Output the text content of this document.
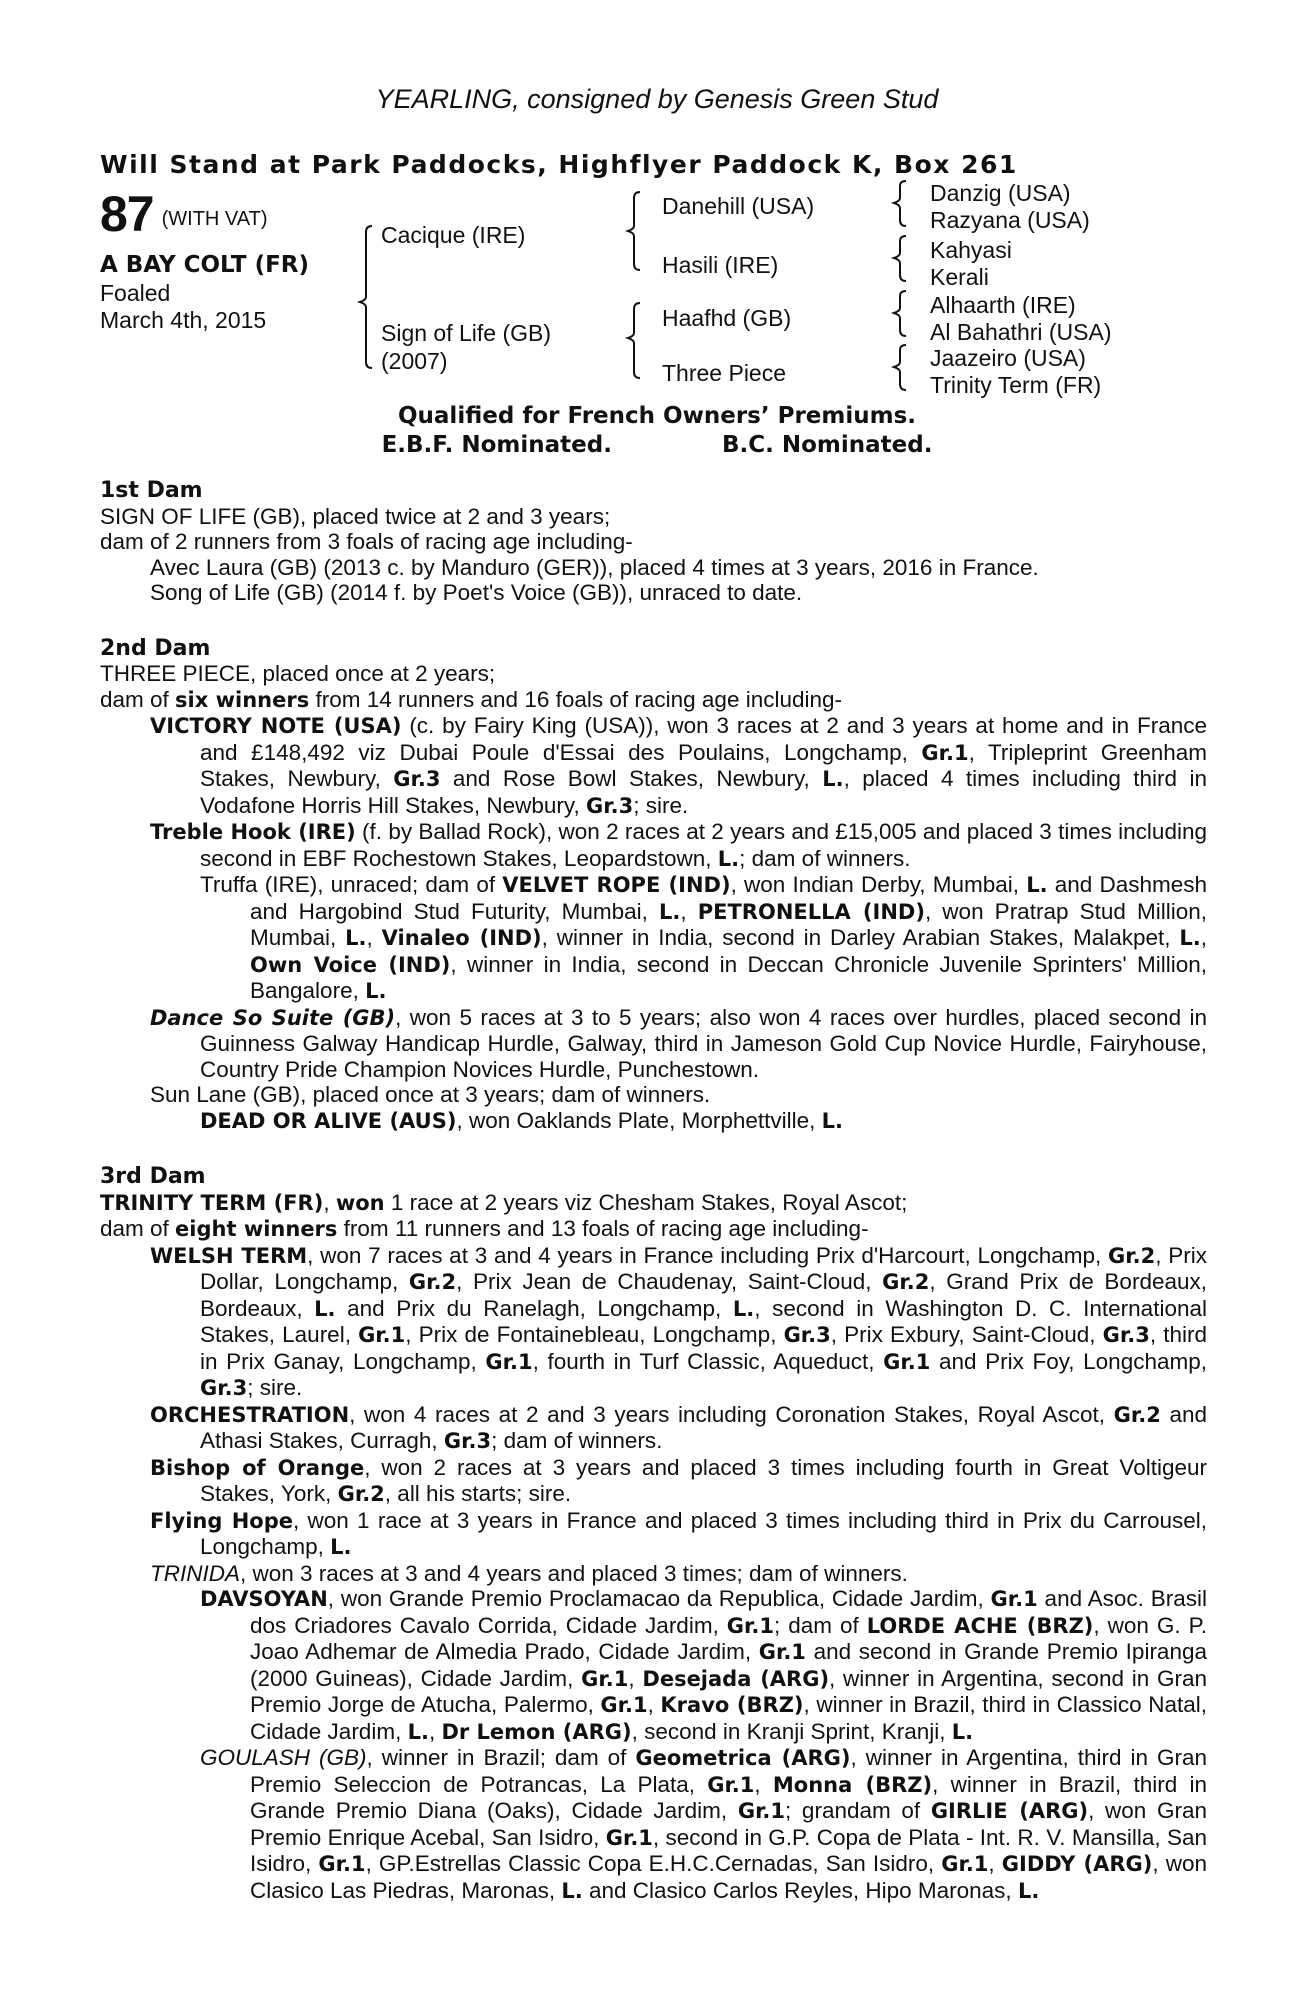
YEARLING, consigned by Genesis Green Stud
Will Stand at Park Paddocks, Highflyer Paddock K, Box 261
87 (WITH VAT)
A BAY COLT (FR)
Foaled
March 4th, 2015
Cacique (IRE)
Sign of Life (GB)
(2007)
Danehill (USA)
Hasili (IRE)
Haafhd (GB)
Three Piece
Danzig (USA)
Razyana (USA)
Kahyasi
Kerali
Alhaarth (IRE)
Al Bahathri (USA)
Jaazeiro (USA)
Trinity Term (FR)
Qualified for French Owners’ Premiums.
E.B.F. Nominated.	B.C. Nominated.
1st Dam

SIGN OF LIFE (GB), placed twice at 2 and 3 years;

dam of 2 runners from 3 foals of racing age including-

Avec Laura (GB) (2013 c. by Manduro (GER)), placed 4 times at 3 years, 2016 in France.

Song of Life (GB) (2014 f. by Poet's Voice (GB)), unraced to date.

2nd Dam

THREE PIECE, placed once at 2 years;

dam of six winners from 14 runners and 16 foals of racing age including-

VICTORY NOTE (USA) (c. by Fairy King (USA)), won 3 races at 2 and 3 years at home and in France and £148,492 viz Dubai Poule d'Essai des Poulains, Longchamp, Gr.1, Tripleprint Greenham Stakes, Newbury, Gr.3 and Rose Bowl Stakes, Newbury, L., placed 4 times including third in Vodafone Horris Hill Stakes, Newbury, Gr.3; sire.

Treble Hook (IRE) (f. by Ballad Rock), won 2 races at 2 years and £15,005 and placed 3 times including second in EBF Rochestown Stakes, Leopardstown, L.; dam of winners.

Truffa (IRE), unraced; dam of VELVET ROPE (IND), won Indian Derby, Mumbai, L. and Dashmesh and Hargobind Stud Futurity, Mumbai, L., PETRONELLA (IND), won Pratrap Stud Million, Mumbai, L., Vinaleo (IND), winner in India, second in Darley Arabian Stakes, Malakpet, L., Own Voice (IND), winner in India, second in Deccan Chronicle Juvenile Sprinters' Million, Bangalore, L.

Dance So Suite (GB), won 5 races at 3 to 5 years; also won 4 races over hurdles, placed second in Guinness Galway Handicap Hurdle, Galway, third in Jameson Gold Cup Novice Hurdle, Fairyhouse, Country Pride Champion Novices Hurdle, Punchestown.

Sun Lane (GB), placed once at 3 years; dam of winners.

DEAD OR ALIVE (AUS), won Oaklands Plate, Morphettville, L.

3rd Dam

TRINITY TERM (FR), won 1 race at 2 years viz Chesham Stakes, Royal Ascot;

dam of eight winners from 11 runners and 13 foals of racing age including-

WELSH TERM, won 7 races at 3 and 4 years in France including Prix d'Harcourt, Longchamp, Gr.2, Prix Dollar, Longchamp, Gr.2, Prix Jean de Chaudenay, Saint-Cloud, Gr.2, Grand Prix de Bordeaux, Bordeaux, L. and Prix du Ranelagh, Longchamp, L., second in Washington D. C. International Stakes, Laurel, Gr.1, Prix de Fontainebleau, Longchamp, Gr.3, Prix Exbury, Saint-Cloud, Gr.3, third in Prix Ganay, Longchamp, Gr.1, fourth in Turf Classic, Aqueduct, Gr.1 and Prix Foy, Longchamp, Gr.3; sire.

ORCHESTRATION, won 4 races at 2 and 3 years including Coronation Stakes, Royal Ascot, Gr.2 and Athasi Stakes, Curragh, Gr.3; dam of winners.

Bishop of Orange, won 2 races at 3 years and placed 3 times including fourth in Great Voltigeur Stakes, York, Gr.2, all his starts; sire.

Flying Hope, won 1 race at 3 years in France and placed 3 times including third in Prix du Carrousel, Longchamp, L.

TRINIDA, won 3 races at 3 and 4 years and placed 3 times; dam of winners.

DAVSOYAN, won Grande Premio Proclamacao da Republica, Cidade Jardim, Gr.1 and Asoc. Brasil dos Criadores Cavalo Corrida, Cidade Jardim, Gr.1; dam of LORDE ACHE (BRZ), won G. P. Joao Adhemar de Almedia Prado, Cidade Jardim, Gr.1 and second in Grande Premio Ipiranga (2000 Guineas), Cidade Jardim, Gr.1, Desejada (ARG), winner in Argentina, second in Gran Premio Jorge de Atucha, Palermo, Gr.1, Kravo (BRZ), winner in Brazil, third in Classico Natal, Cidade Jardim, L., Dr Lemon (ARG), second in Kranji Sprint, Kranji, L.

GOULASH (GB), winner in Brazil; dam of Geometrica (ARG), winner in Argentina, third in Gran Premio Seleccion de Potrancas, La Plata, Gr.1, Monna (BRZ), winner in Brazil, third in Grande Premio Diana (Oaks), Cidade Jardim, Gr.1; grandam of GIRLIE (ARG), won Gran Premio Enrique Acebal, San Isidro, Gr.1, second in G.P. Copa de Plata - Int. R. V. Mansilla, San Isidro, Gr.1, GP.Estrellas Classic Copa E.H.C.Cernadas, San Isidro, Gr.1, GIDDY (ARG), won Clasico Las Piedras, Maronas, L. and Clasico Carlos Reyles, Hipo Maronas, L.
